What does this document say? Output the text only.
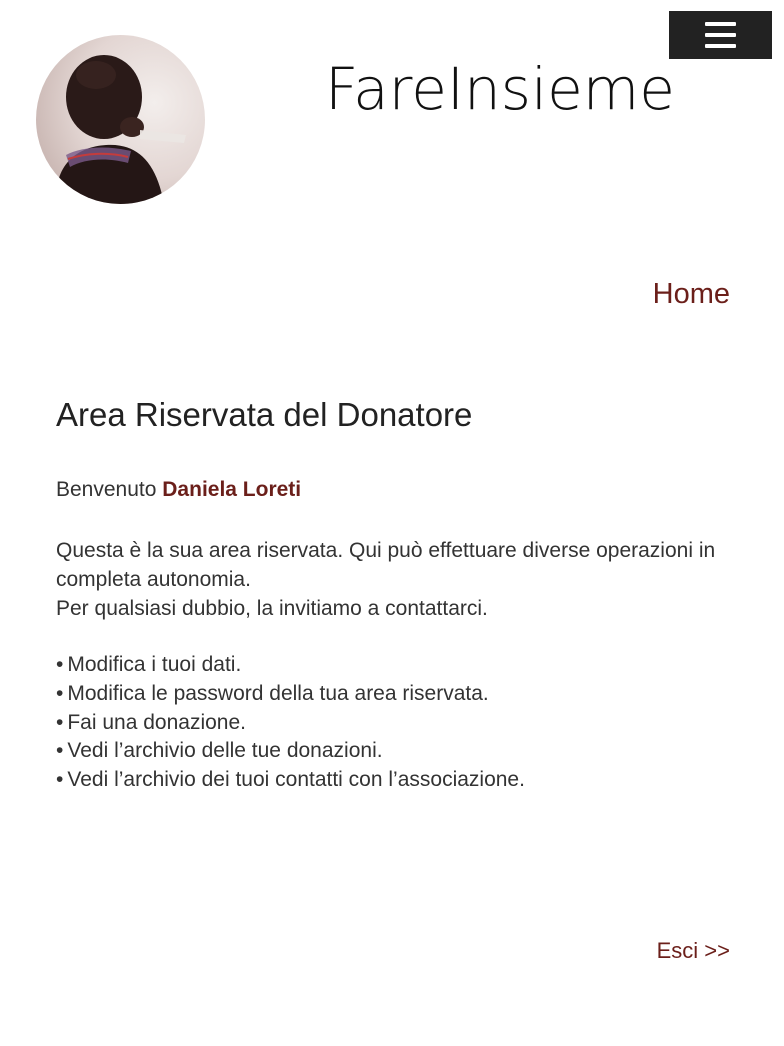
FareInsieme
Home
Area Riservata del Donatore
Benvenuto Daniela Loreti

Questa è la sua area riservata. Qui può effettuare diverse operazioni in completa autonomia.

Per qualsiasi dubbio, la invitiamo a contattarci.

• Modifica i tuoi dati.
• Modifica le password della tua area riservata.
• Fai una donazione.
• Vedi l’archivio delle tue donazioni.
• Vedi l’archivio dei tuoi contatti con l’associazione.
Esci >>
